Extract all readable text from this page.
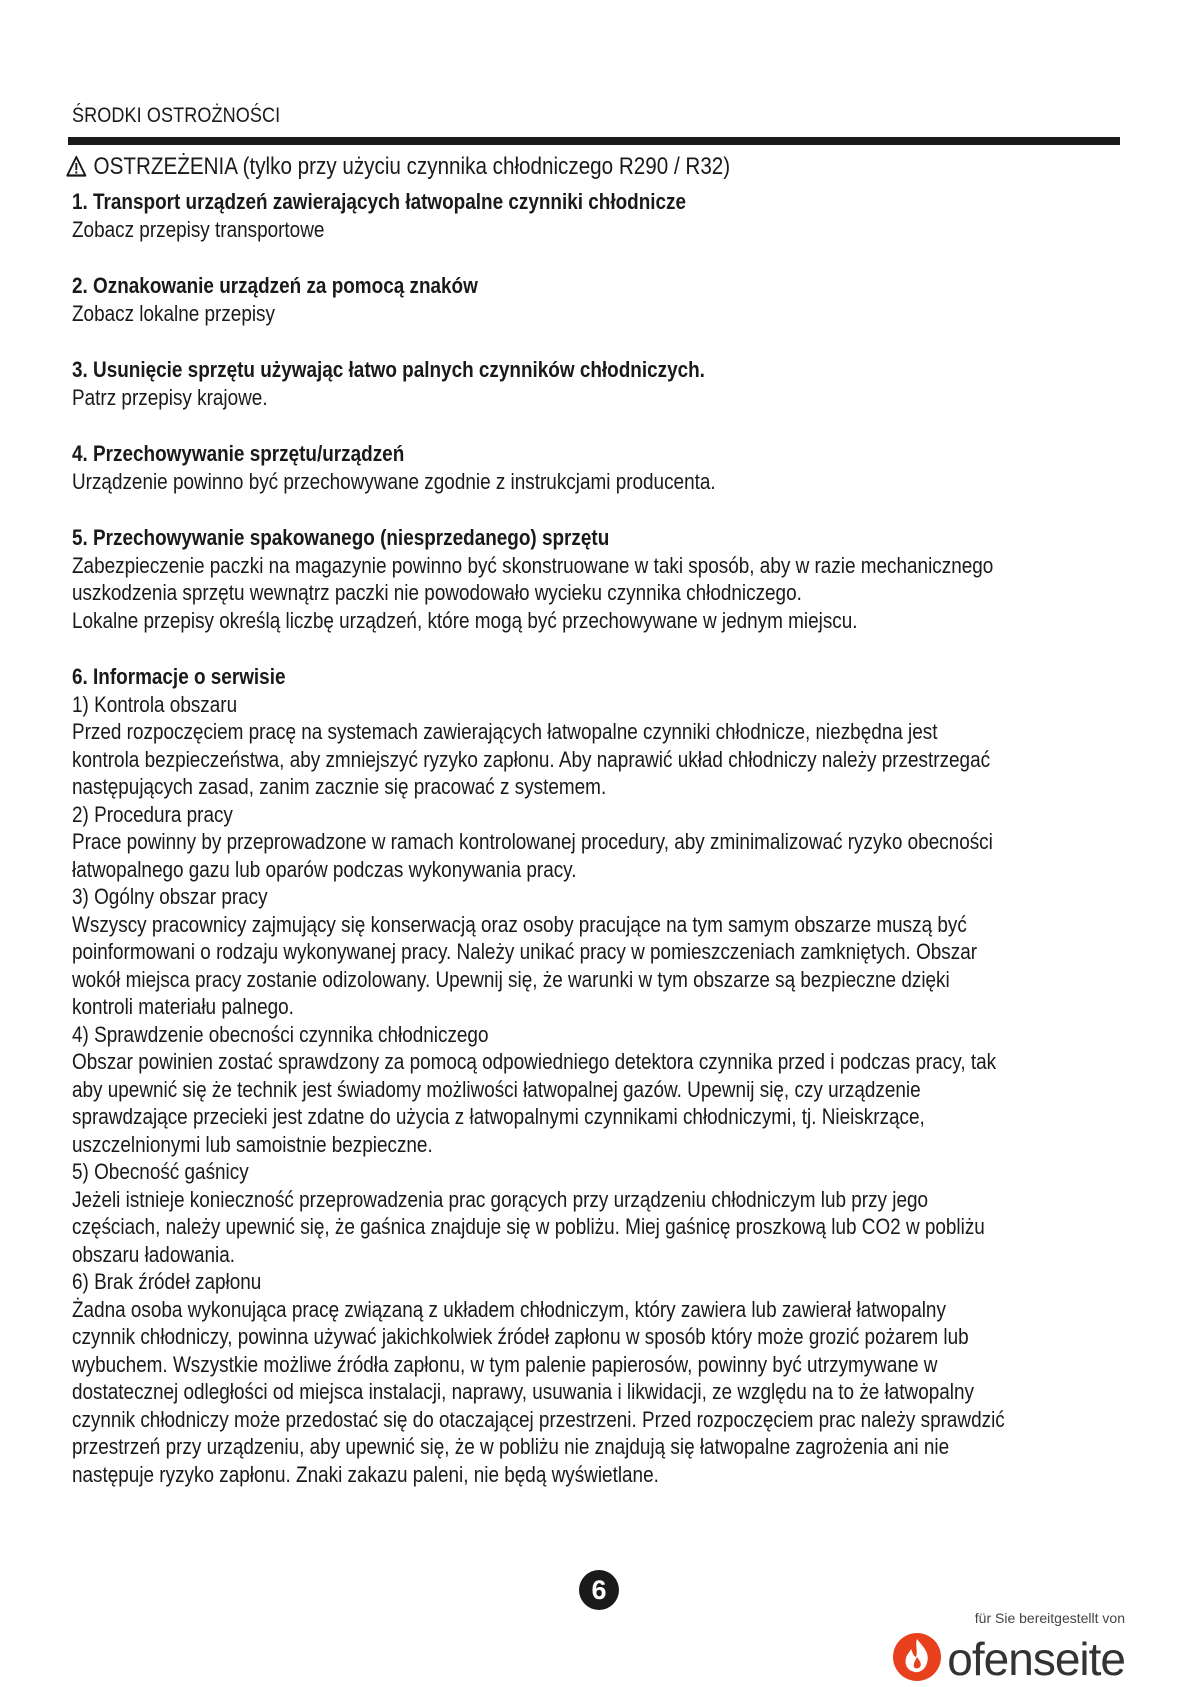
ŚRODKI OSTROŻNOŚCI
OSTRZEŻENIA (tylko przy użyciu czynnika chłodniczego R290 / R32)

1. Transport urządzeń zawierających łatwopalne czynniki chłodnicze

Zobacz przepisy transportowe

2. Oznakowanie urządzeń za pomocą znaków

Zobacz lokalne przepisy

3. Usunięcie sprzętu używając łatwo palnych czynników chłodniczych.

Patrz przepisy krajowe.

4. Przechowywanie sprzętu/urządzeń

Urządzenie powinno być przechowywane zgodnie z instrukcjami producenta.

5. Przechowywanie spakowanego (niesprzedanego) sprzętu

Zabezpieczenie paczki na magazynie powinno być skonstruowane w taki sposób, aby w razie mechanicznego

uszkodzenia sprzętu wewnątrz paczki nie powodowało wycieku czynnika chłodniczego.

Lokalne przepisy określą liczbę urządzeń, które mogą być przechowywane w jednym miejscu.

6. Informacje o serwisie

1) Kontrola obszaru

Przed rozpoczęciem pracę na systemach zawierających łatwopalne czynniki chłodnicze, niezbędna jest

kontrola bezpieczeństwa, aby zmniejszyć ryzyko zapłonu. Aby naprawić układ chłodniczy należy przestrzegać

następujących zasad, zanim zacznie się pracować z systemem.

2) Procedura pracy

Prace powinny by przeprowadzone w ramach kontrolowanej procedury, aby zminimalizować ryzyko obecności

łatwopalnego gazu lub oparów podczas wykonywania pracy.

3) Ogólny obszar pracy

Wszyscy pracownicy zajmujący się konserwacją oraz osoby pracujące na tym samym obszarze muszą być

poinformowani o rodzaju wykonywanej pracy. Należy unikać pracy w pomieszczeniach zamkniętych. Obszar

wokół miejsca pracy zostanie odizolowany. Upewnij się, że warunki w tym obszarze są bezpieczne dzięki

kontroli materiału palnego.

4) Sprawdzenie obecności czynnika chłodniczego

Obszar powinien zostać sprawdzony za pomocą odpowiedniego detektora czynnika przed i podczas pracy, tak

aby upewnić się że technik jest świadomy możliwości łatwopalnej gazów. Upewnij się, czy urządzenie

sprawdzające przecieki jest zdatne do użycia z łatwopalnymi czynnikami chłodniczymi, tj. Nieiskrzące,

uszczelnionymi lub samoistnie bezpieczne.

5) Obecność gaśnicy

Jeżeli istnieje konieczność przeprowadzenia prac gorących przy urządzeniu chłodniczym lub przy jego

częściach, należy upewnić się, że gaśnica znajduje się w pobliżu. Miej gaśnicę proszkową lub CO2 w pobliżu

obszaru ładowania.

6) Brak źródeł zapłonu

Żadna osoba wykonująca pracę związaną z układem chłodniczym, który zawiera lub zawierał łatwopalny

czynnik chłodniczy, powinna używać jakichkolwiek źródeł zapłonu w sposób który może grozić pożarem lub

wybuchem. Wszystkie możliwe źródła zapłonu, w tym palenie papierosów, powinny być utrzymywane w

dostatecznej odległości od miejsca instalacji, naprawy, usuwania i likwidacji, ze względu na to że łatwopalny

czynnik chłodniczy może przedostać się do otaczającej przestrzeni. Przed rozpoczęciem prac należy sprawdzić

przestrzeń przy urządzeniu, aby upewnić się, że w pobliżu nie znajdują się łatwopalne zagrożenia ani nie

następuje ryzyko zapłonu. Znaki zakazu paleni, nie będą wyświetlane.

6
für Sie bereitgestellt von
ofenseite
